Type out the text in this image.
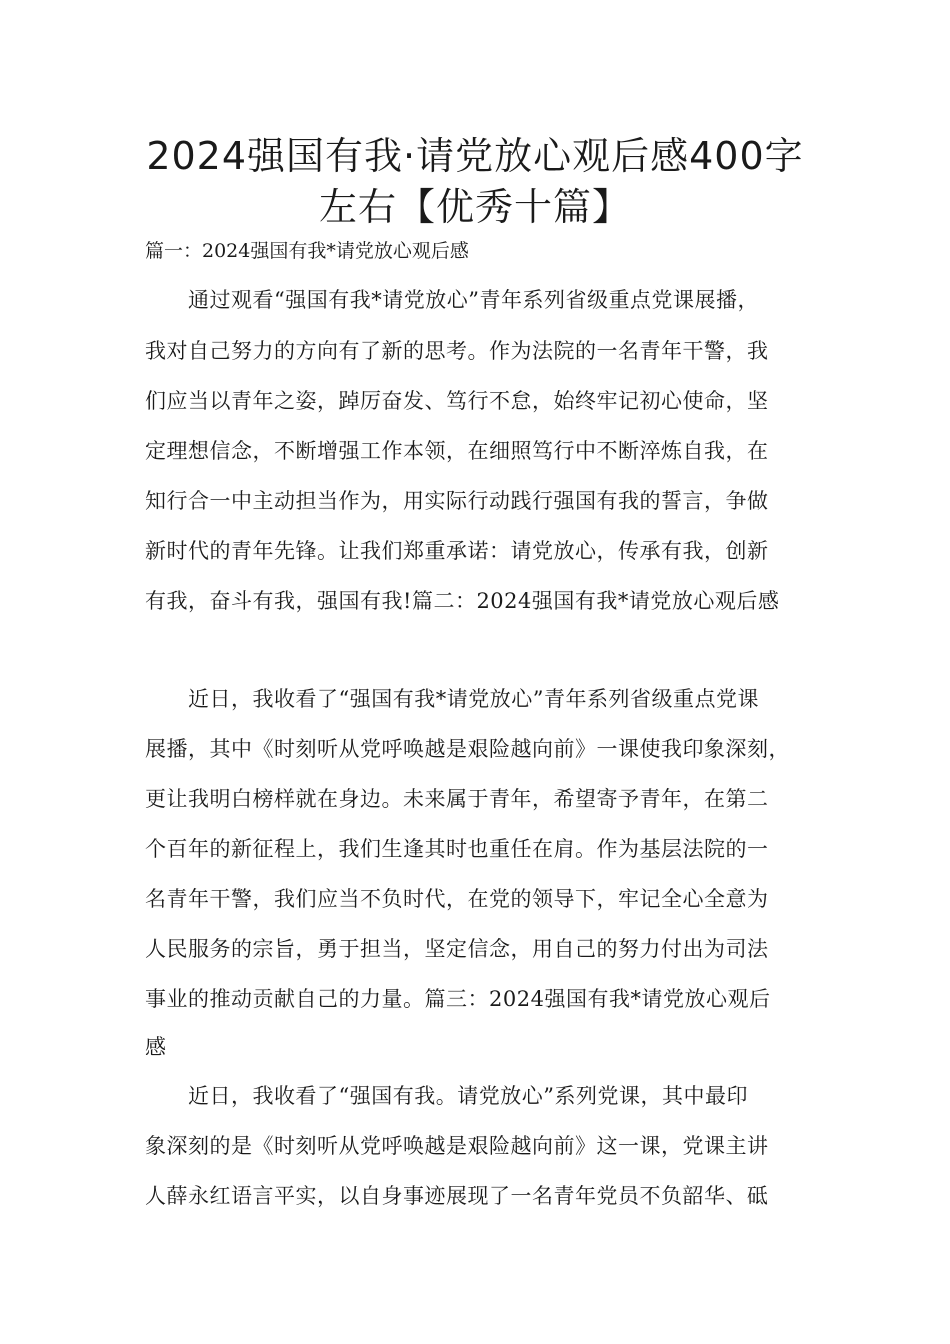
2024强国有我·请党放心观后感400字
左右【优秀十篇】
篇一：2024强国有我*请党放心观后感
通过观看“强国有我*请党放心”青年系列省级重点党课展播，
我对自己努力的方向有了新的思考。作为法院的一名青年干警，我
们应当以青年之姿，踔厉奋发、笃行不怠，始终牢记初心使命，坚
定理想信念，不断增强工作本领，在细照笃行中不断淬炼自我，在
知行合一中主动担当作为，用实际行动践行强国有我的誓言，争做
新时代的青年先锋。让我们郑重承诺：请党放心，传承有我，创新
有我，奋斗有我，强国有我!篇二：2024强国有我*请党放心观后感
近日，我收看了“强国有我*请党放心”青年系列省级重点党课
展播，其中《时刻听从党呼唤越是艰险越向前》一课使我印象深刻，
更让我明白榜样就在身边。未来属于青年，希望寄予青年，在第二
个百年的新征程上，我们生逢其时也重任在肩。作为基层法院的一
名青年干警，我们应当不负时代，在党的领导下，牢记全心全意为
人民服务的宗旨，勇于担当，坚定信念，用自己的努力付出为司法
事业的推动贡献自己的力量。篇三：2024强国有我*请党放心观后
感
近日，我收看了“强国有我。请党放心”系列党课，其中最印
象深刻的是《时刻听从党呼唤越是艰险越向前》这一课，党课主讲
人薛永红语言平实，以自身事迹展现了一名青年党员不负韶华、砥
